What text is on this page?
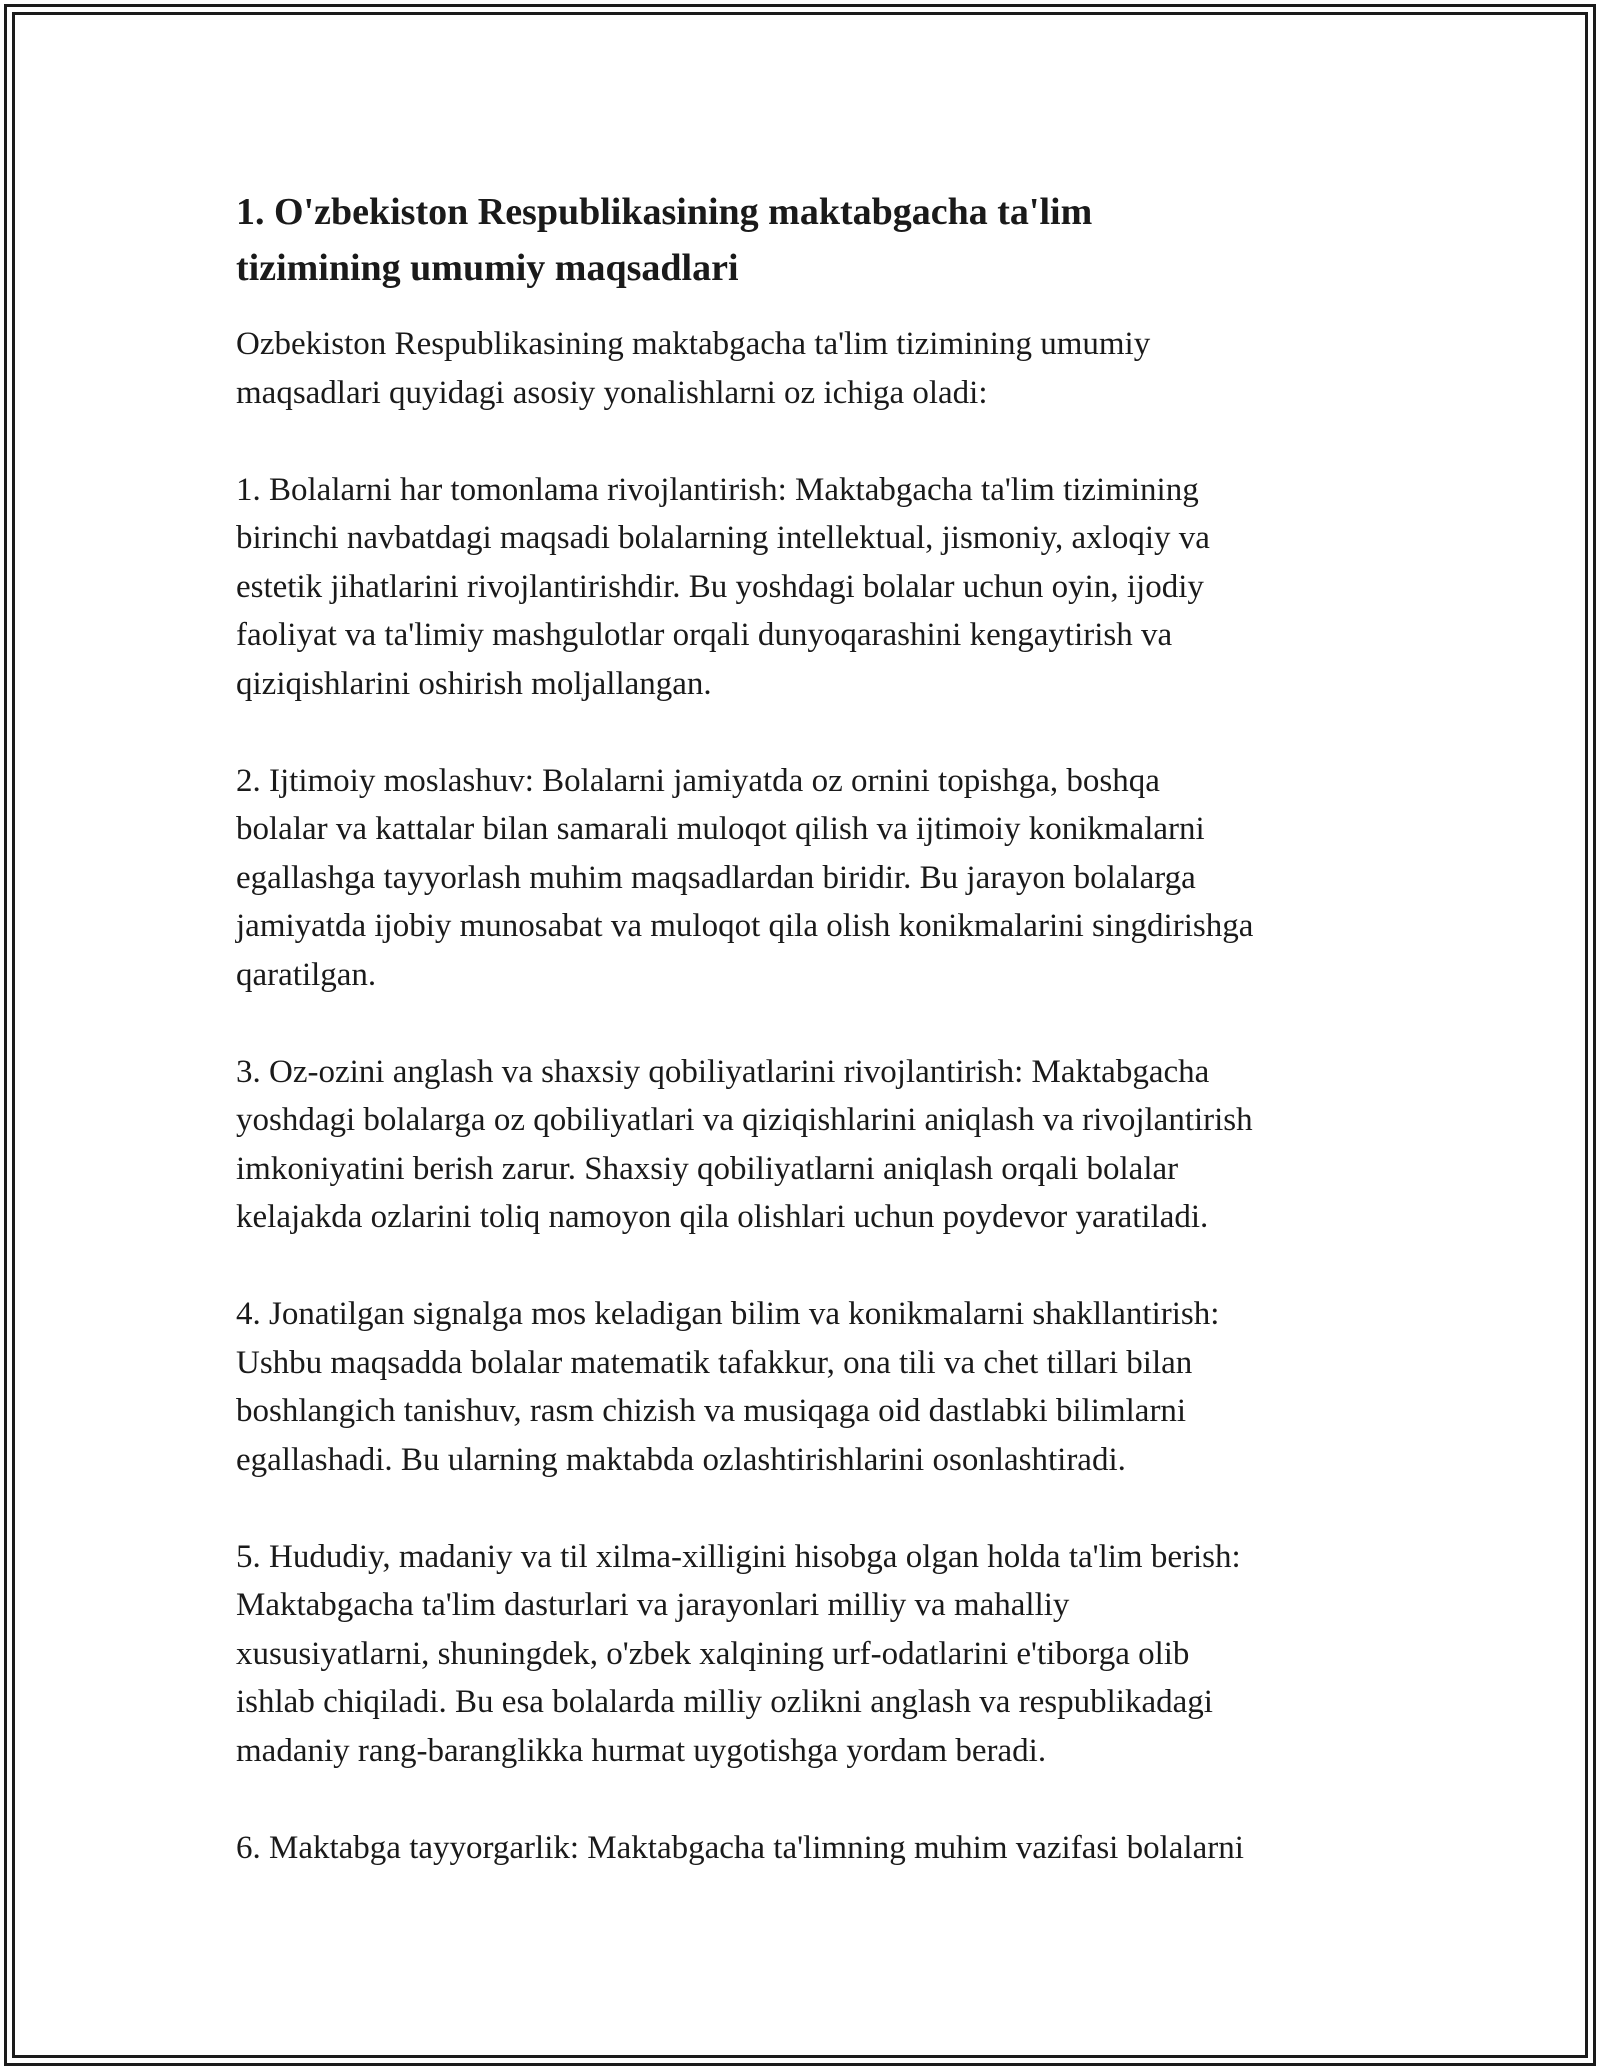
1. O'zbekiston Respublikasining maktabgacha ta'lim
tizimining umumiy maqsadlari

Ozbekiston Respublikasining maktabgacha ta'lim tizimining umumiy
maqsadlari quyidagi asosiy yonalishlarni oz ichiga oladi:

1. Bolalarni har tomonlama rivojlantirish: Maktabgacha ta'lim tizimining
birinchi navbatdagi maqsadi bolalarning intellektual, jismoniy, axloqiy va
estetik jihatlarini rivojlantirishdir. Bu yoshdagi bolalar uchun oyin, ijodiy
faoliyat va ta'limiy mashgulotlar orqali dunyoqarashini kengaytirish va
qiziqishlarini oshirish moljallangan.

2. Ijtimoiy moslashuv: Bolalarni jamiyatda oz ornini topishga, boshqa
bolalar va kattalar bilan samarali muloqot qilish va ijtimoiy konikmalarni
egallashga tayyorlash muhim maqsadlardan biridir. Bu jarayon bolalarga
jamiyatda ijobiy munosabat va muloqot qila olish konikmalarini singdirishga
qaratilgan.

3. Oz-ozini anglash va shaxsiy qobiliyatlarini rivojlantirish: Maktabgacha
yoshdagi bolalarga oz qobiliyatlari va qiziqishlarini aniqlash va rivojlantirish
imkoniyatini berish zarur. Shaxsiy qobiliyatlarni aniqlash orqali bolalar
kelajakda ozlarini toliq namoyon qila olishlari uchun poydevor yaratiladi.

4. Jonatilgan signalga mos keladigan bilim va konikmalarni shakllantirish:
Ushbu maqsadda bolalar matematik tafakkur, ona tili va chet tillari bilan
boshlangich tanishuv, rasm chizish va musiqaga oid dastlabki bilimlarni
egallashadi. Bu ularning maktabda ozlashtirishlarini osonlashtiradi.

5. Hududiy, madaniy va til xilma-xilligini hisobga olgan holda ta'lim berish:
Maktabgacha ta'lim dasturlari va jarayonlari milliy va mahalliy
xususiyatlarni, shuningdek, o'zbek xalqining urf-odatlarini e'tiborga olib
ishlab chiqiladi. Bu esa bolalarda milliy ozlikni anglash va respublikadagi
madaniy rang-baranglikka hurmat uygotishga yordam beradi.

6. Maktabga tayyorgarlik: Maktabgacha ta'limning muhim vazifasi bolalarni
